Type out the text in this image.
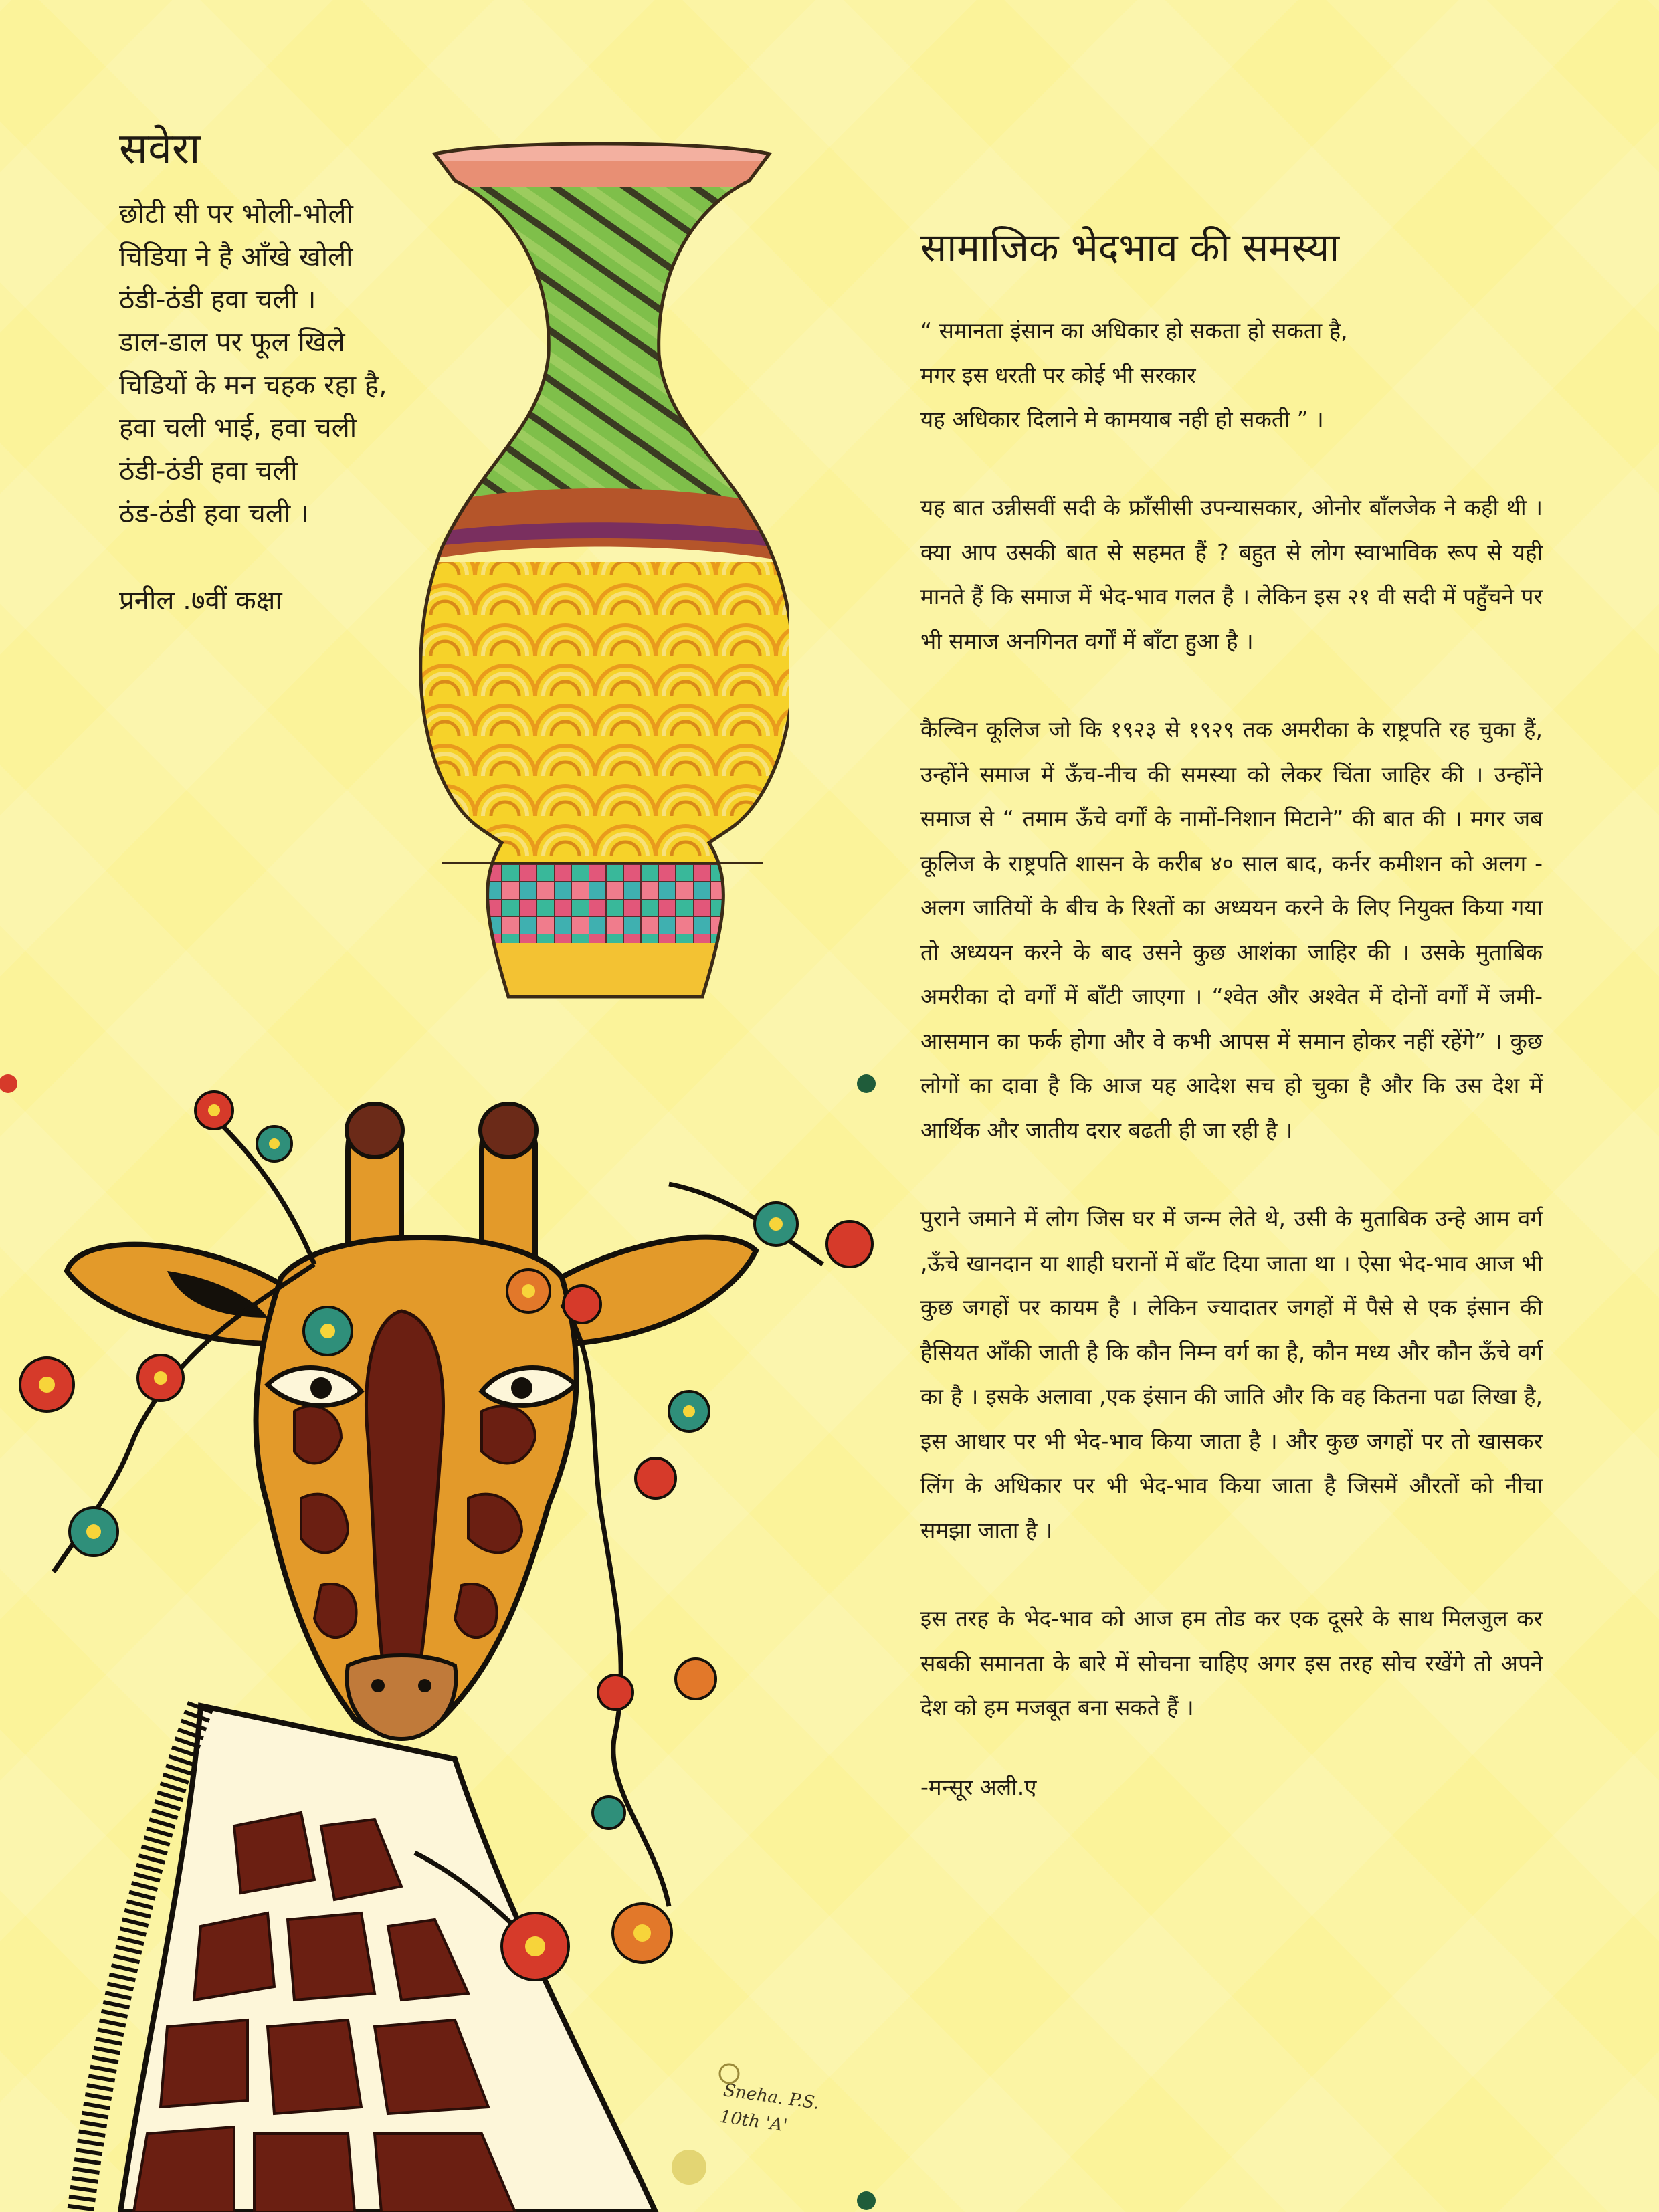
सवेरा
छोटी सी पर भोली-भोली
चिडिया ने है आँखे खोली
ठंडी-ठंडी हवा चली ।
डाल-डाल पर फूल खिले
चिडियों के मन चहक रहा है,
हवा चली भाई, हवा चली
ठंडी-ठंडी हवा चली
ठंड-ठंडी हवा चली ।
प्रनील .७वीं कक्षा
सामाजिक भेदभाव की समस्या
“ समानता इंसान का अधिकार हो सकता हो सकता है,
मगर इस धरती पर कोई भी सरकार
यह अधिकार दिलाने मे कामयाब नही हो सकती ” ।

यह बात उन्नीसवीं सदी के फ्राँसीसी उपन्यासकार, ओनोर बाँलजेक ने कही थी । क्या आप उसकी बात से सहमत हैं ? बहुत से लोग स्वाभाविक रूप से यही मानते हैं कि समाज में भेद-भाव गलत है । लेकिन इस २१ वी सदी में पहुँचने पर भी समाज अनगिनत वर्गों में बाँटा हुआ है ।

कैल्विन कूलिज जो कि १९२३ से १९२९ तक अमरीका के राष्ट्रपति रह चुका हैं, उन्होंने समाज में ऊँच-नीच की समस्या को लेकर चिंता जाहिर की । उन्होंने समाज से “ तमाम ऊँचे वर्गों के नामों-निशान मिटाने” की बात की । मगर जब कूलिज के राष्ट्रपति शासन के करीब ४० साल बाद, कर्नर कमीशन को अलग - अलग जातियों के बीच के रिश्तों का अध्ययन करने के लिए नियुक्त किया गया तो अध्ययन करने के बाद उसने कुछ आशंका जाहिर की । उसके मुताबिक अमरीका दो वर्गों में बाँटी जाएगा । “श्वेत और अश्वेत में दोनों वर्गों में जमी-आसमान का फर्क होगा और वे कभी आपस में समान होकर नहीं रहेंगे” । कुछ लोगों का दावा है कि आज यह आदेश सच हो चुका है और कि उस देश में आर्थिक और जातीय दरार बढती ही जा रही है ।

पुराने जमाने में लोग जिस घर में जन्म लेते थे, उसी के मुताबिक उन्हे आम वर्ग ,ऊँचे खानदान या शाही घरानों में बाँट दिया जाता था । ऐसा भेद-भाव आज भी कुछ जगहों पर कायम है । लेकिन ज्यादातर जगहों में पैसे से एक इंसान की हैसियत आँकी जाती है कि कौन निम्न वर्ग का है, कौन मध्य और कौन ऊँचे वर्ग का है । इसके अलावा ,एक इंसान की जाति और कि वह कितना पढा लिखा है, इस आधार पर भी भेद-भाव किया जाता है । और कुछ जगहों पर तो खासकर लिंग के अधिकार पर भी भेद-भाव किया जाता है जिसमें औरतों को नीचा समझा जाता है ।

इस तरह के भेद-भाव को आज हम तोड कर एक दूसरे के साथ मिलजुल कर सबकी समानता के बारे में सोचना चाहिए अगर इस तरह सोच रखेंगे तो अपने देश को हम मजबूत बना सकते हैं ।

-मन्सूर अली.ए
Sneha. P.S.
10th 'A'
